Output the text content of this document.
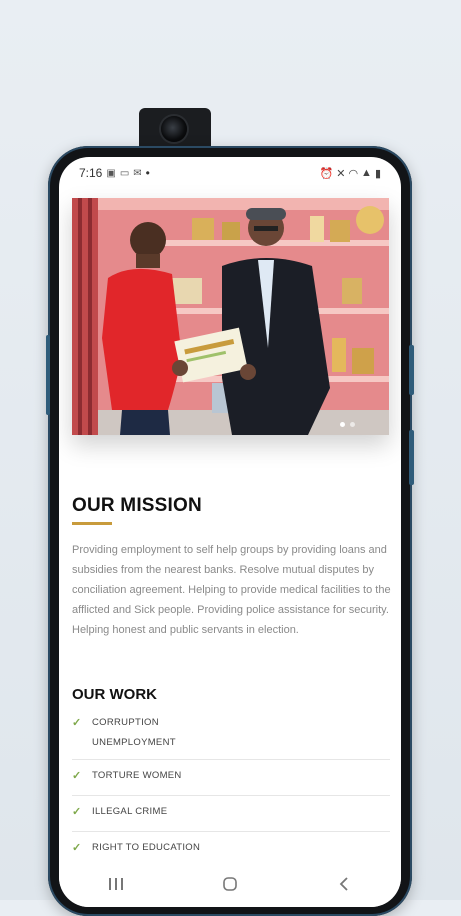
7:16 ▣ ▭ ✉ •	⏰ ✕ ◠ ▲ ▮
OUR MISSION

Providing employment to self help groups by providing loans and subsidies from the nearest banks. Resolve mutual disputes by conciliation agreement. Helping to provide medical facilities to the afflicted and Sick people. Providing police assistance for security. Helping honest and public servants in election.

OUR WORK
✓	CORRUPTION
UNEMPLOYMENT
✓	TORTURE WOMEN
✓	ILLEGAL CRIME
✓	RIGHT TO EDUCATION
